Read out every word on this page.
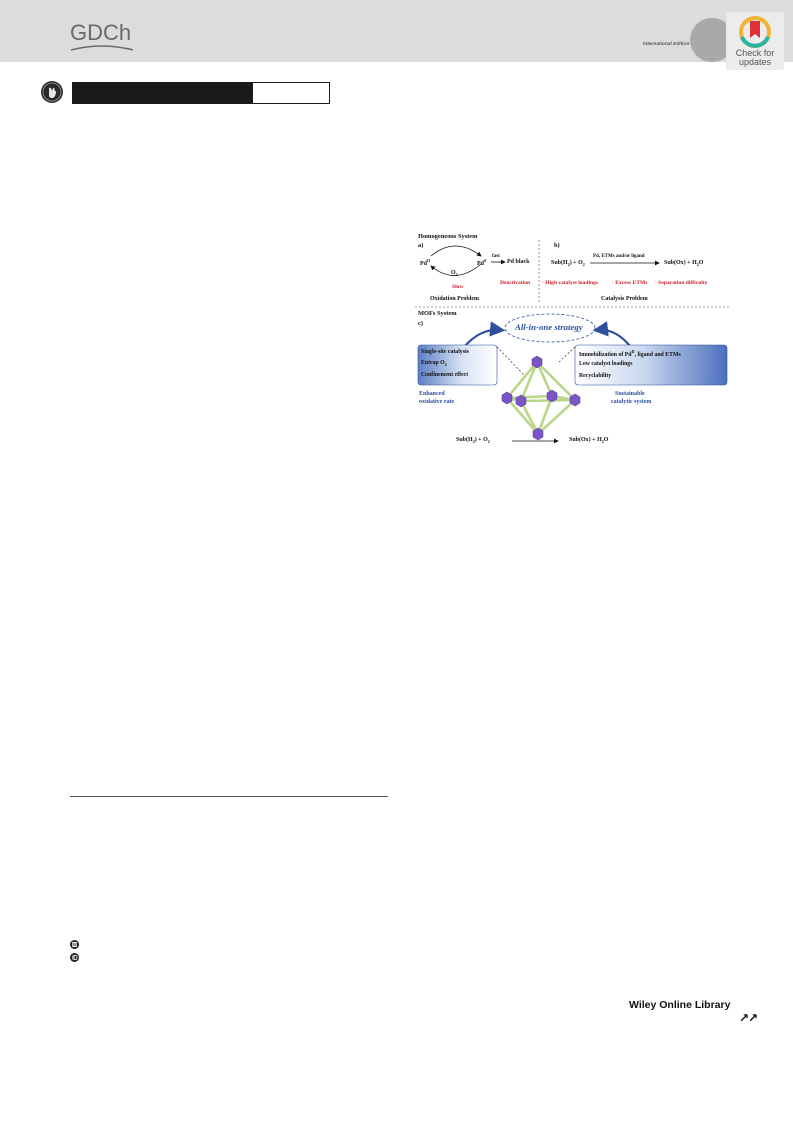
GDCh	International Edition
Check for updates
Homogeneous System
a)	b)
$Pd^{II}$
Pd$^0$
fast
Pd black
$O_2$
Slow
Oxidation Problem
$Sub(H_2) + O_2$
Pd, ETMs and/or ligand
$Sub(Ox) + H_2O$
Deactivation · High catalyst loadings · Excess ETMs · Separation difficulty
Catalysis Problem
MOFs System
c)	All-in-one strategy
Single-site catalysis
Entrap $O_2$
Confinement effect
Immobilization of $Pd^{II}$, ligand and ETMs
Low catalyst loadings
Recyclability
Enhanced
oxidative rate
Sustainable
catalytic system
$Sub(H_2) + O_2$	$Sub(Ox) + H_2O$
Wiley Online Library
↗↗
